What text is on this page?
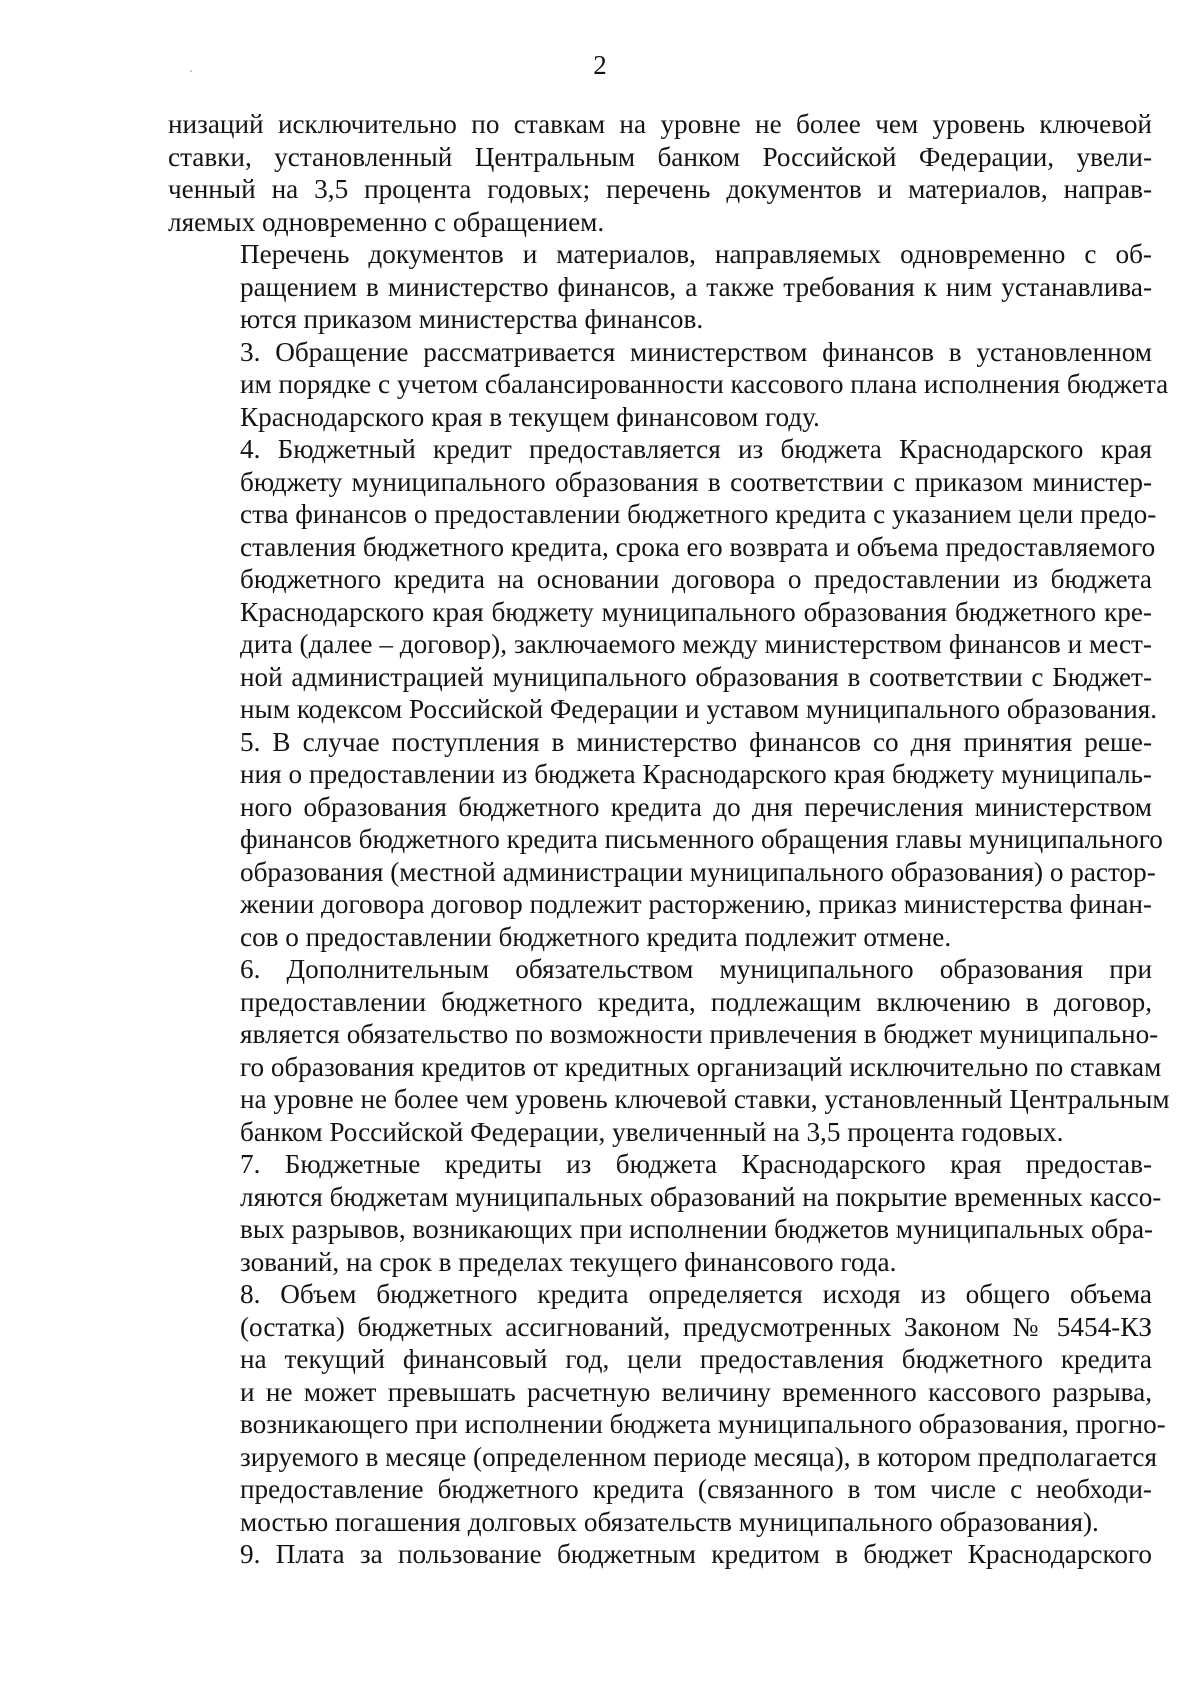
2

низаций исключительно по ставкам на уровне не более чем уровень ключевой
ставки, установленный Центральным банком Российской Федерации, увели-
ченный на 3,5 процента годовых; перечень документов и материалов, направ-
ляемых одновременно с обращением.

Перечень документов и материалов, направляемых одновременно с об-
ращением в министерство финансов, а также требования к ним устанавлива-
ются приказом министерства финансов.

3. Обращение рассматривается министерством финансов в установленном
им порядке с учетом сбалансированности кассового плана исполнения бюджета
Краснодарского края в текущем финансовом году.

4. Бюджетный кредит предоставляется из бюджета Краснодарского края
бюджету муниципального образования в соответствии с приказом министер-
ства финансов о предоставлении бюджетного кредита с указанием цели предо-
ставления бюджетного кредита, срока его возврата и объема предоставляемого
бюджетного кредита на основании договора о предоставлении из бюджета
Краснодарского края бюджету муниципального образования бюджетного кре-
дита (далее – договор), заключаемого между министерством финансов и мест-
ной администрацией муниципального образования в соответствии с Бюджет-
ным кодексом Российской Федерации и уставом муниципального образования.

5. В случае поступления в министерство финансов со дня принятия реше-
ния о предоставлении из бюджета Краснодарского края бюджету муниципаль-
ного образования бюджетного кредита до дня перечисления министерством
финансов бюджетного кредита письменного обращения главы муниципального
образования (местной администрации муниципального образования) о растор-
жении договора договор подлежит расторжению, приказ министерства финан-
сов о предоставлении бюджетного кредита подлежит отмене.

6. Дополнительным обязательством муниципального образования при
предоставлении бюджетного кредита, подлежащим включению в договор,
является обязательство по возможности привлечения в бюджет муниципально-
го образования кредитов от кредитных организаций исключительно по ставкам
на уровне не более чем уровень ключевой ставки, установленный Центральным
банком Российской Федерации, увеличенный на 3,5 процента годовых.

7. Бюджетные кредиты из бюджета Краснодарского края предостав-
ляются бюджетам муниципальных образований на покрытие временных кассо-
вых разрывов, возникающих при исполнении бюджетов муниципальных обра-
зований, на срок в пределах текущего финансового года.

8. Объем бюджетного кредита определяется исходя из общего объема
(остатка) бюджетных ассигнований, предусмотренных Законом № 5454-КЗ
на текущий финансовый год, цели предоставления бюджетного кредита
и не может превышать расчетную величину временного кассового разрыва,
возникающего при исполнении бюджета муниципального образования, прогно-
зируемого в месяце (определенном периоде месяца), в котором предполагается
предоставление бюджетного кредита (связанного в том числе с необходи-
мостью погашения долговых обязательств муниципального образования).

9. Плата за пользование бюджетным кредитом в бюджет Краснодарского
